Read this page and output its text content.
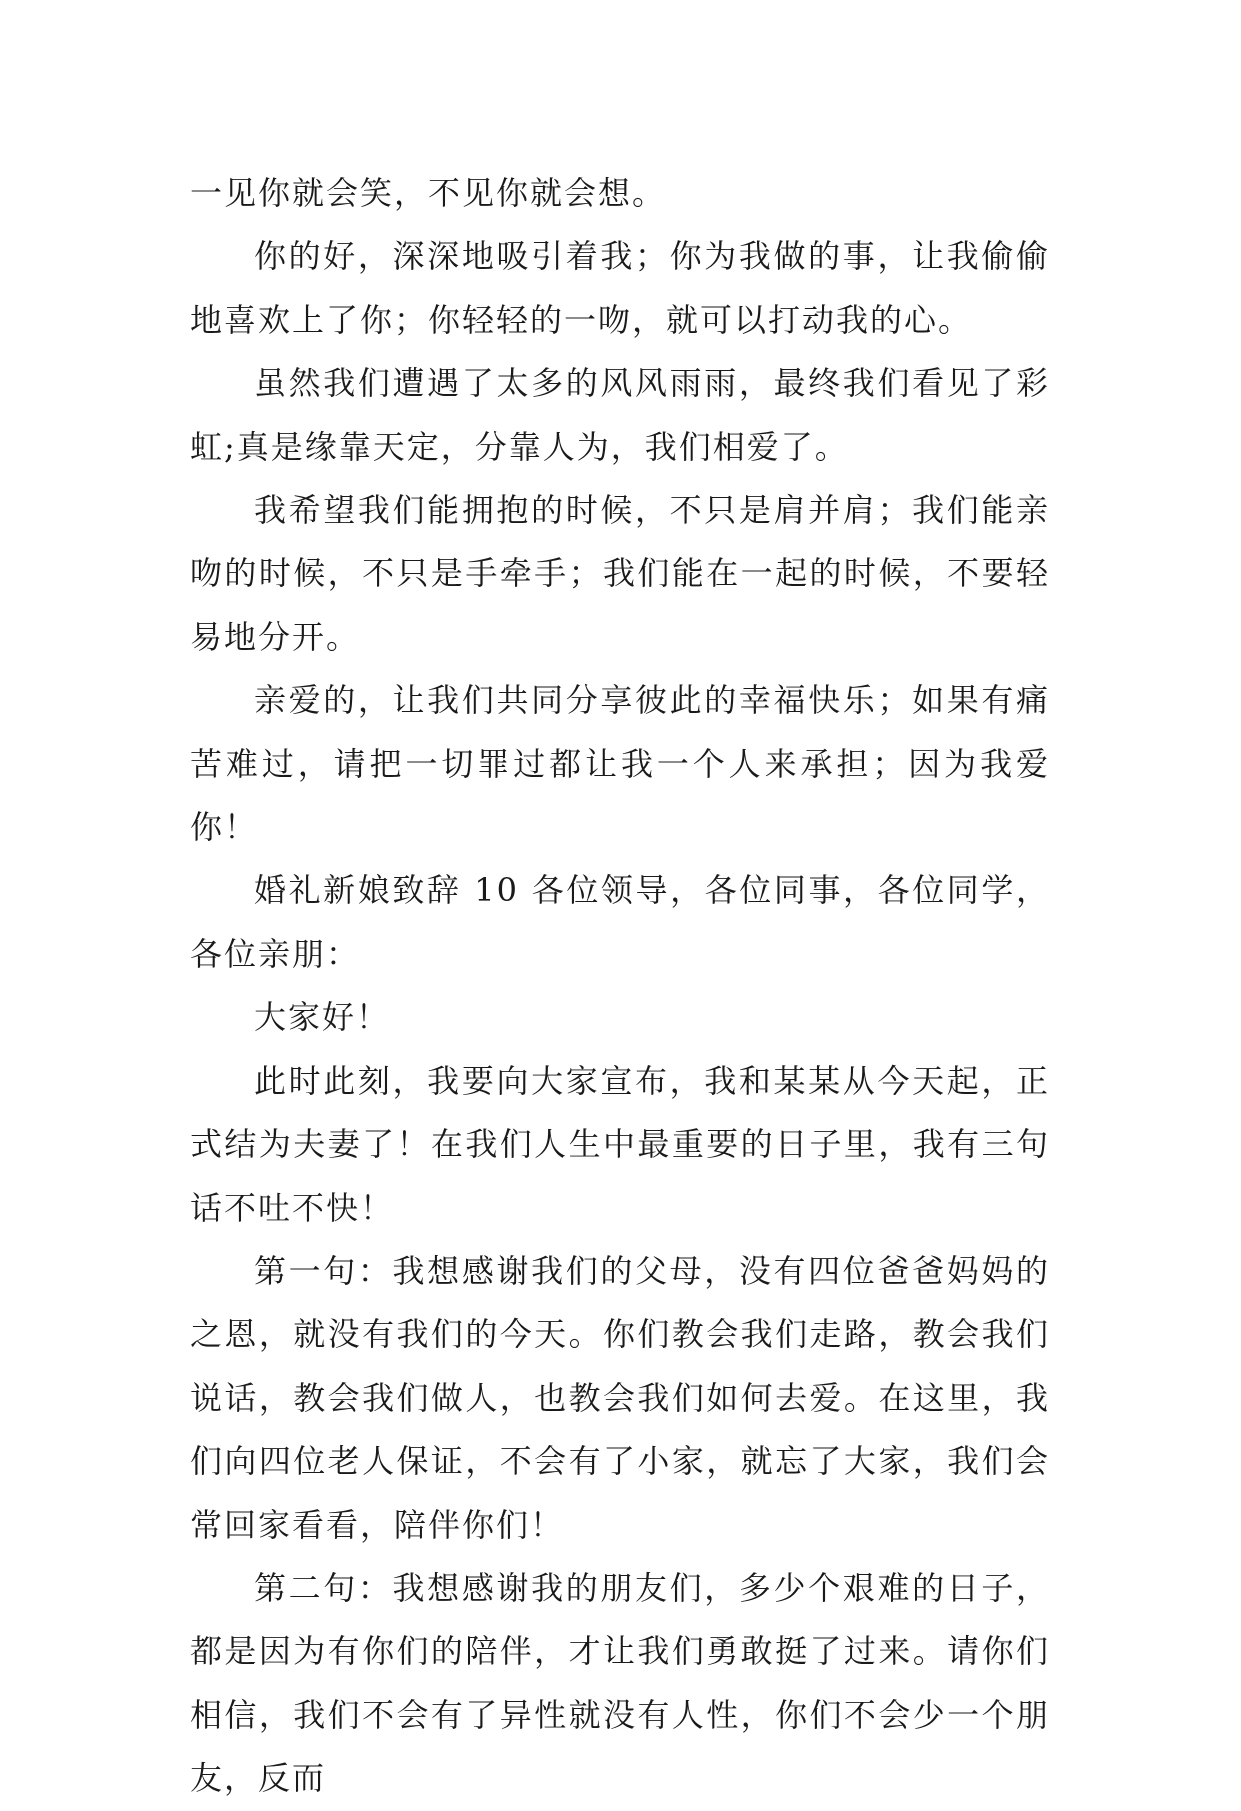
一见你就会笑，不见你就会想。

你的好，深深地吸引着我；你为我做的事，让我偷偷地喜欢上了你；你轻轻的一吻，就可以打动我的心。

虽然我们遭遇了太多的风风雨雨，最终我们看见了彩虹;真是缘靠天定，分靠人为，我们相爱了。

我希望我们能拥抱的时候，不只是肩并肩；我们能亲吻的时候，不只是手牵手；我们能在一起的时候，不要轻易地分开。

亲爱的，让我们共同分享彼此的幸福快乐；如果有痛苦难过，请把一切罪过都让我一个人来承担；因为我爱你！

婚礼新娘致辞 10 各位领导，各位同事，各位同学，各位亲朋：

大家好！

此时此刻，我要向大家宣布，我和某某从今天起，正式结为夫妻了！在我们人生中最重要的日子里，我有三句话不吐不快！

第一句：我想感谢我们的父母，没有四位爸爸妈妈的之恩，就没有我们的今天。你们教会我们走路，教会我们说话，教会我们做人，也教会我们如何去爱。在这里，我们向四位老人保证，不会有了小家，就忘了大家，我们会常回家看看，陪伴你们！

第二句：我想感谢我的朋友们，多少个艰难的日子，都是因为有你们的陪伴，才让我们勇敢挺了过来。请你们相信，我们不会有了异性就没有人性，你们不会少一个朋友，反而
